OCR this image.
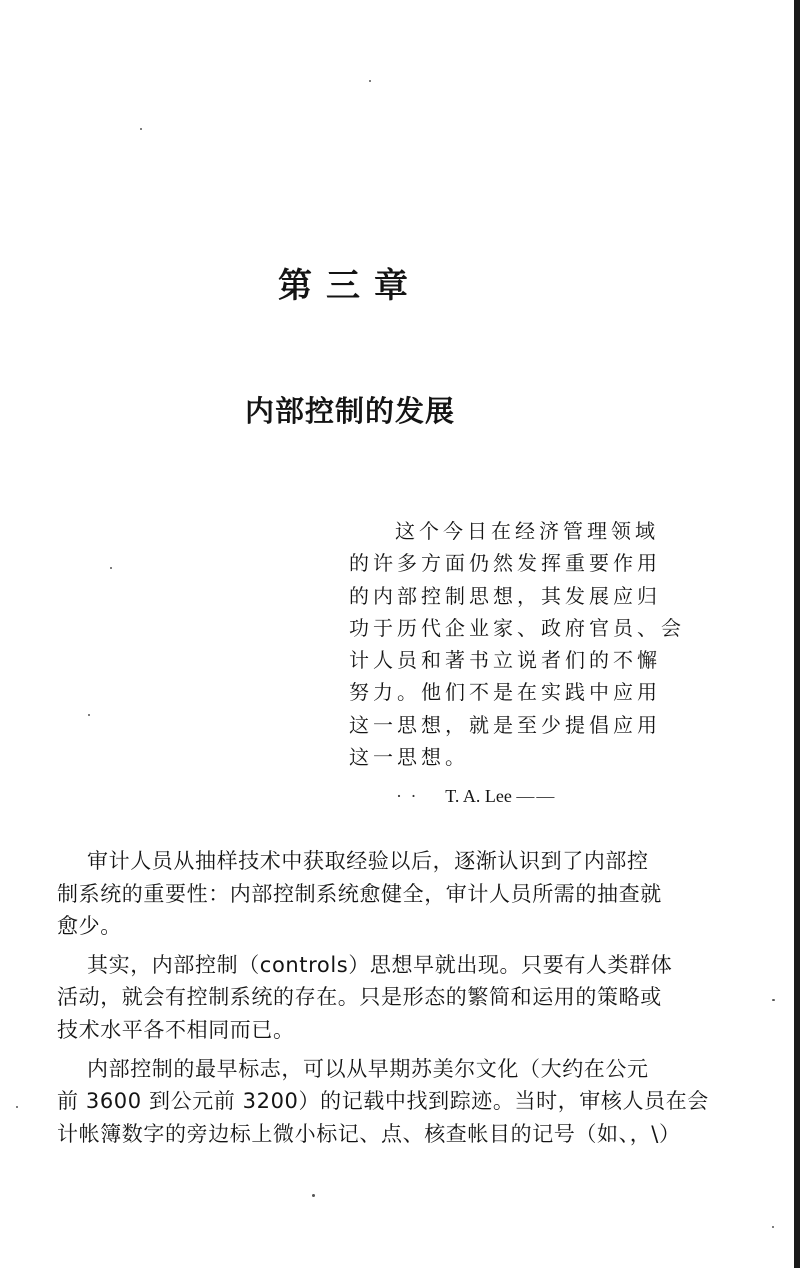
第三章
内部控制的发展
这个今日在经济管理领域
的许多方面仍然发挥重要作用
的内部控制思想，其发展应归
功于历代企业家、政府官员、会
计人员和著书立说者们的不懈
努力。他们不是在实践中应用
这一思想，就是至少提倡应用
这一思想。
· · T. A. Lee ——
审计人员从抽样技术中获取经验以后，逐渐认识到了内部控
制系统的重要性：内部控制系统愈健全，审计人员所需的抽查就
愈少。
其实，内部控制（controls）思想早就出现。只要有人类群体
活动，就会有控制系统的存在。只是形态的繁简和运用的策略或
技术水平各不相同而已。
内部控制的最早标志，可以从早期苏美尔文化（大约在公元
前 3600 到公元前 3200）的记载中找到踪迹。当时，审核人员在会
计帐簿数字的旁边标上微小标记、点、核查帐目的记号（如、，\）
